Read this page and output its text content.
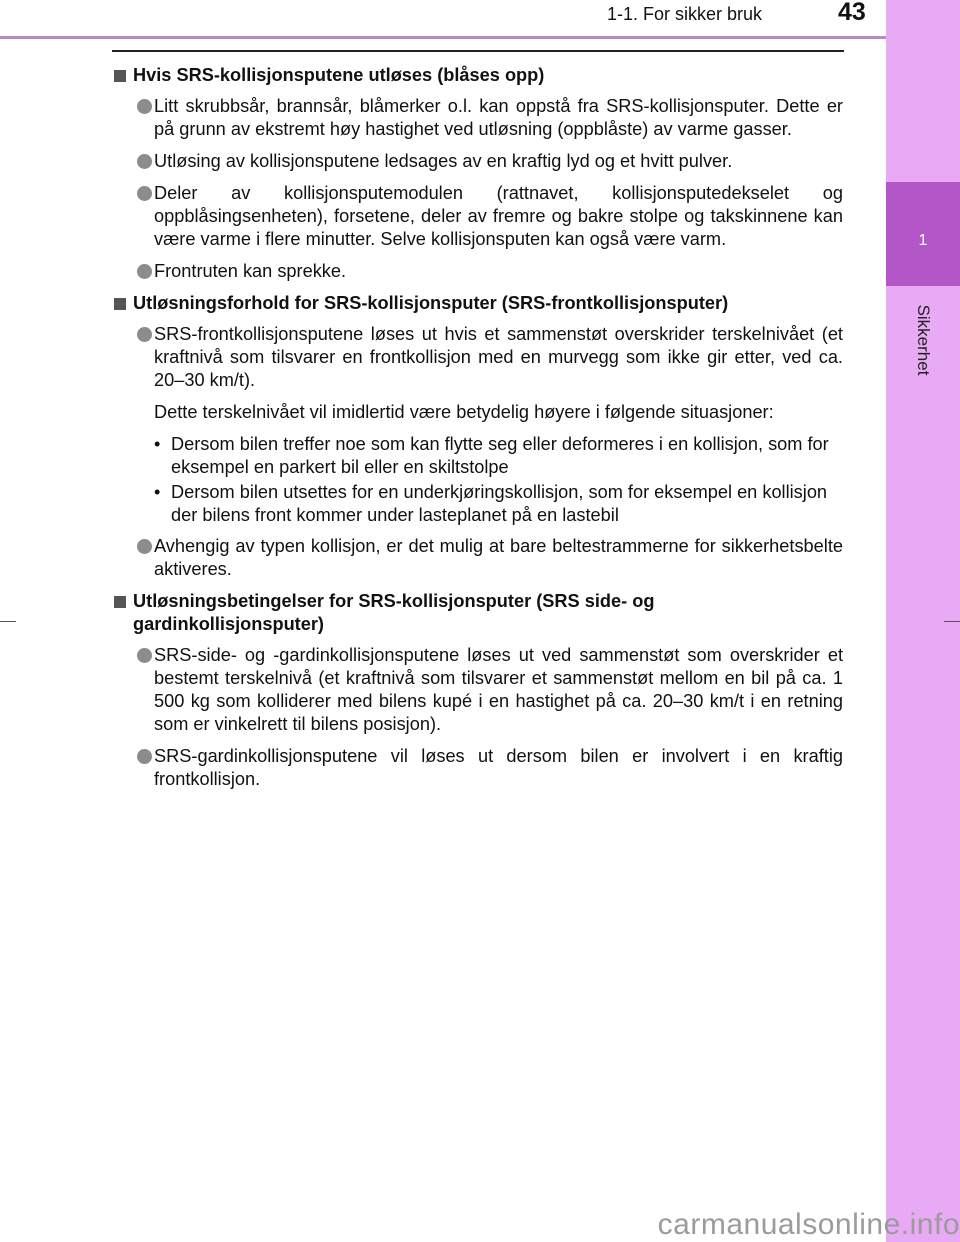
1-1. For sikker bruk	43
1
Sikkerhet
Hvis SRS-kollisjonsputene utløses (blåses opp)
Litt skrubbsår, brannsår, blåmerker o.l. kan oppstå fra SRS-kollisjonsputer. Dette er på grunn av ekstremt høy hastighet ved utløsning (oppblåste) av varme gasser.
Utløsing av kollisjonsputene ledsages av en kraftig lyd og et hvitt pulver.
Deler av kollisjonsputemodulen (rattnavet, kollisjonsputedekselet og oppblåsingsenheten), forsetene, deler av fremre og bakre stolpe og takskinnene kan være varme i flere minutter. Selve kollisjonsputen kan også være varm.
Frontruten kan sprekke.
Utløsningsforhold for SRS-kollisjonsputer (SRS-frontkollisjonsputer)
SRS-frontkollisjonsputene løses ut hvis et sammenstøt overskrider terskelnivået (et kraftnivå som tilsvarer en frontkollisjon med en murvegg som ikke gir etter, ved ca. 20–30 km/t).
Dette terskelnivået vil imidlertid være betydelig høyere i følgende situasjoner:
• Dersom bilen treffer noe som kan flytte seg eller deformeres i en kollisjon, som for eksempel en parkert bil eller en skiltstolpe
• Dersom bilen utsettes for en underkjøringskollisjon, som for eksempel en kollisjon der bilens front kommer under lasteplanet på en lastebil
Avhengig av typen kollisjon, er det mulig at bare beltestrammerne for sikkerhetsbelte aktiveres.
Utløsningsbetingelser for SRS-kollisjonsputer (SRS side- og gardinkollisjonsputer)
SRS-side- og -gardinkollisjonsputene løses ut ved sammenstøt som overskrider et bestemt terskelnivå (et kraftnivå som tilsvarer et sammenstøt mellom en bil på ca. 1 500 kg som kolliderer med bilens kupé i en hastighet på ca. 20–30 km/t i en retning som er vinkelrett til bilens posisjon).
SRS-gardinkollisjonsputene vil løses ut dersom bilen er involvert i en kraftig frontkollisjon.
carmanualsonline.info
